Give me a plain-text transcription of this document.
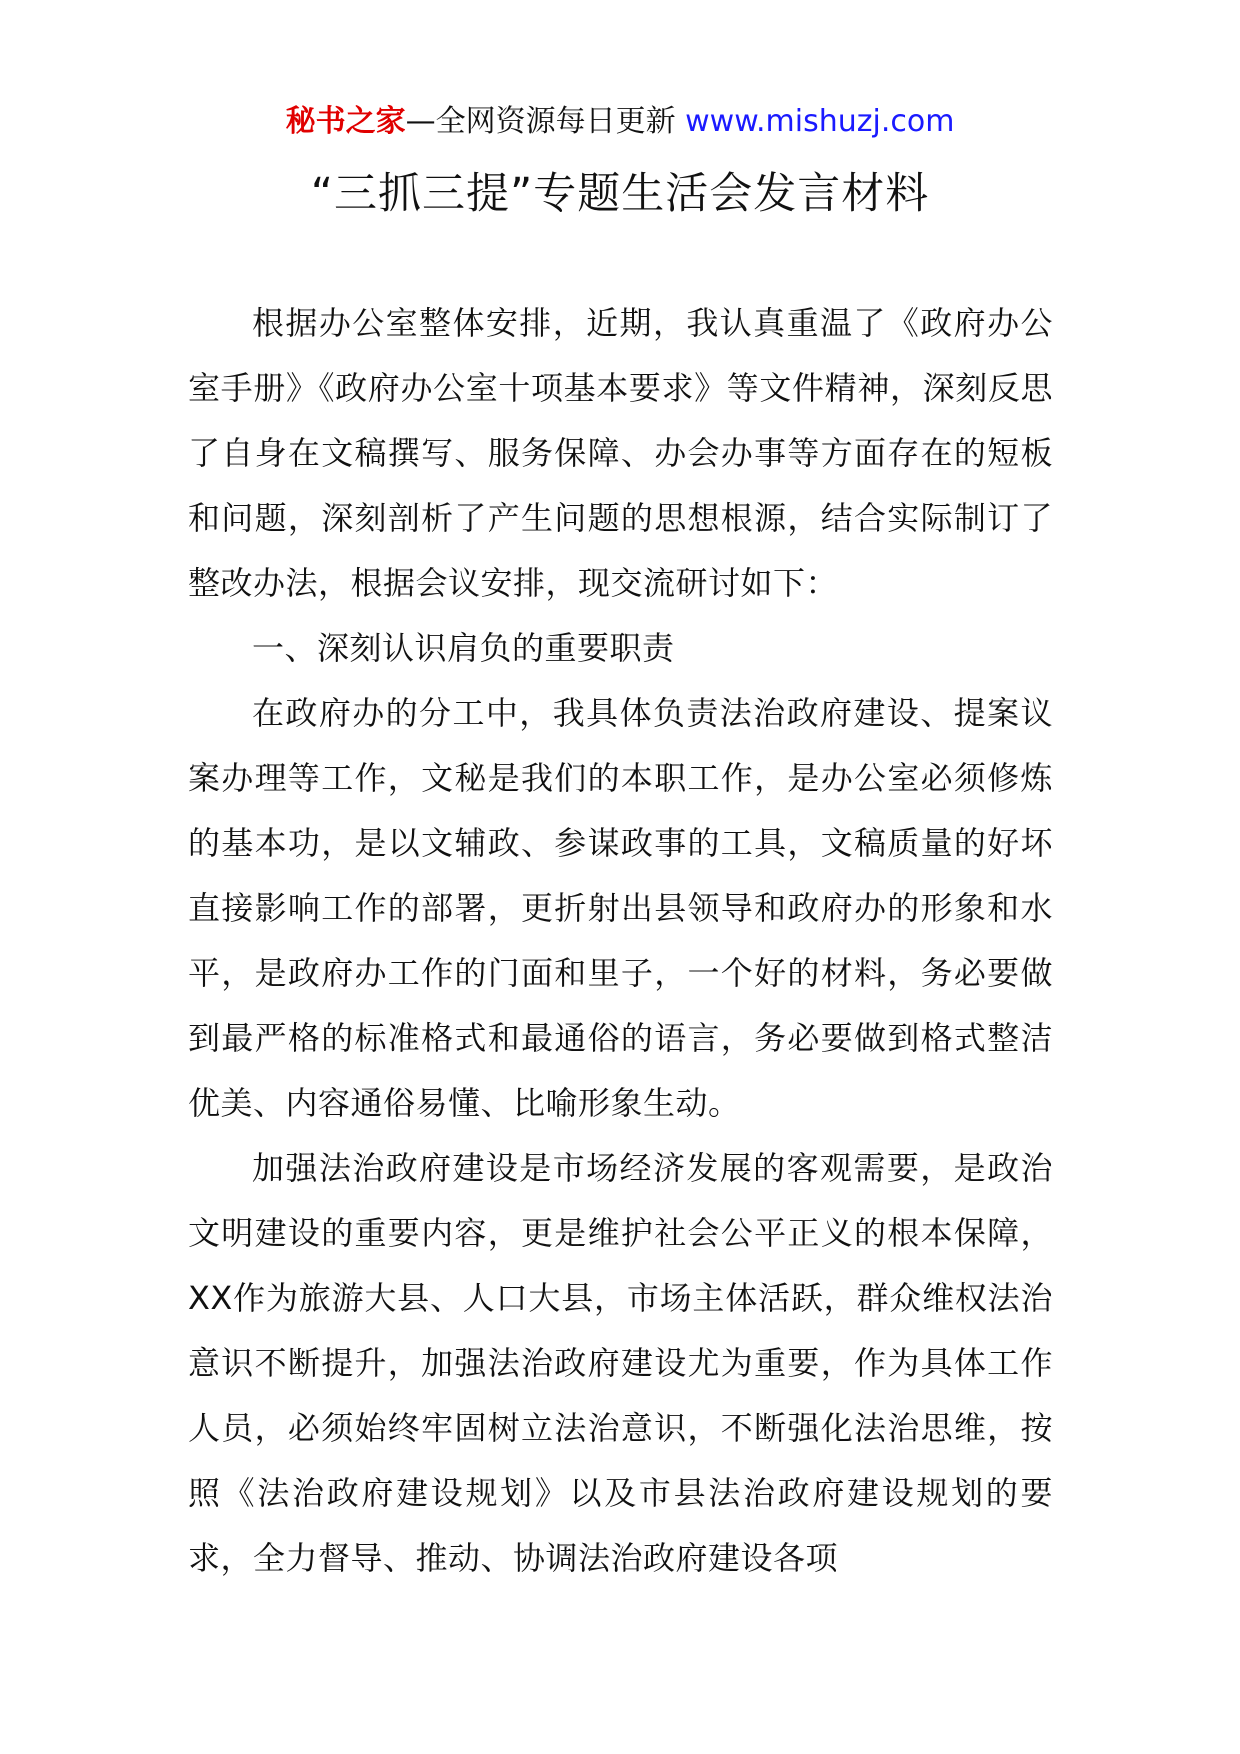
秘书之家—全网资源每日更新 www.mishuzj.com
“三抓三提”专题生活会发言材料

根据办公室整体安排，近期，我认真重温了《政府办公室手册》《政府办公室十项基本要求》等文件精神，深刻反思了自身在文稿撰写、服务保障、办会办事等方面存在的短板和问题，深刻剖析了产生问题的思想根源，结合实际制订了整改办法，根据会议安排，现交流研讨如下：

一、深刻认识肩负的重要职责

在政府办的分工中，我具体负责法治政府建设、提案议案办理等工作，文秘是我们的本职工作，是办公室必须修炼的基本功，是以文辅政、参谋政事的工具，文稿质量的好坏直接影响工作的部署，更折射出县领导和政府办的形象和水平，是政府办工作的门面和里子，一个好的材料，务必要做到最严格的标准格式和最通俗的语言，务必要做到格式整洁优美、内容通俗易懂、比喻形象生动。

加强法治政府建设是市场经济发展的客观需要，是政治文明建设的重要内容，更是维护社会公平正义的根本保障，XX作为旅游大县、人口大县，市场主体活跃，群众维权法治意识不断提升，加强法治政府建设尤为重要，作为具体工作人员，必须始终牢固树立法治意识，不断强化法治思维，按照《法治政府建设规划》以及市县法治政府建设规划的要求，全力督导、推动、协调法治政府建设各项
